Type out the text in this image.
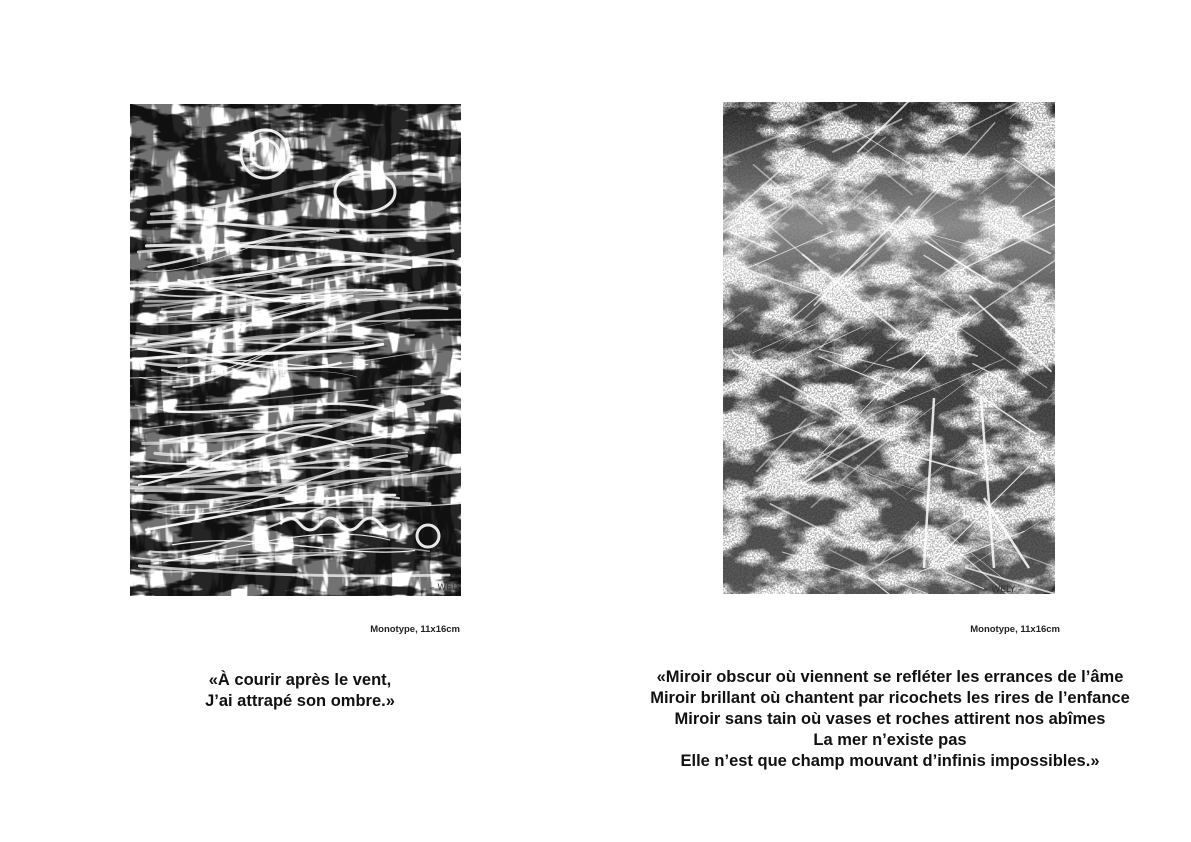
– WELY
Monotype, 11x16cm
– WELY –
Monotype, 11x16cm
«À courir après le vent,
J’ai attrapé son ombre.»
«Miroir obscur où viennent se refléter les errances de l’âme
Miroir brillant où chantent par ricochets les rires de l’enfance
Miroir sans tain où vases et roches attirent nos abîmes
La mer n’existe pas
Elle n’est que champ mouvant d’infinis impossibles.»
